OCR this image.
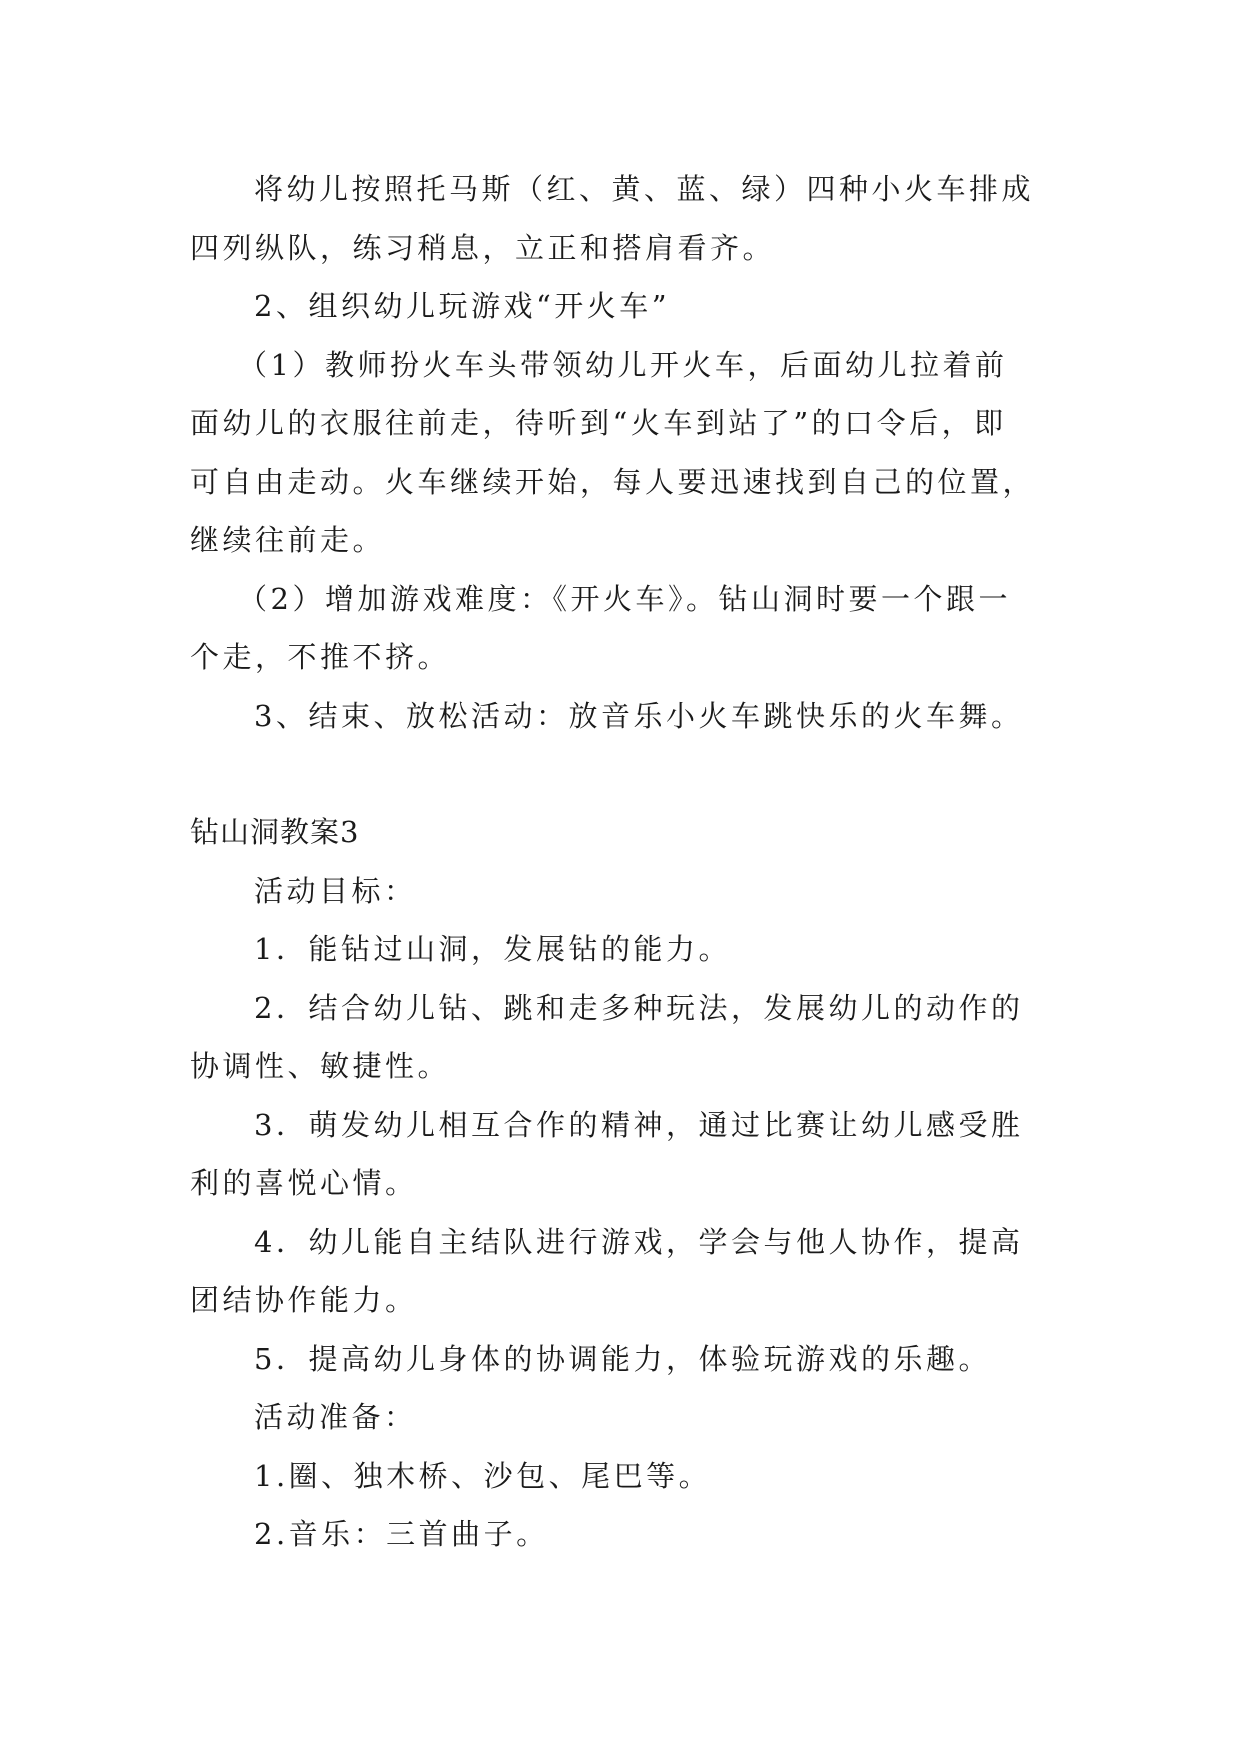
将幼儿按照托马斯（红、黄、蓝、绿）四种小火车排成
四列纵队，练习稍息，立正和搭肩看齐。
2、组织幼儿玩游戏“开火车”
（1）教师扮火车头带领幼儿开火车，后面幼儿拉着前
面幼儿的衣服往前走，待听到“火车到站了”的口令后，即
可自由走动。火车继续开始，每人要迅速找到自己的位置，
继续往前走。
（2）增加游戏难度：《开火车》。钻山洞时要一个跟一
个走，不推不挤。
3、结束、放松活动：放音乐小火车跳快乐的火车舞。
钻山洞教案3
活动目标：
1．能钻过山洞，发展钻的能力。
2．结合幼儿钻、跳和走多种玩法，发展幼儿的动作的
协调性、敏捷性。
3．萌发幼儿相互合作的精神，通过比赛让幼儿感受胜
利的喜悦心情。
4．幼儿能自主结队进行游戏，学会与他人协作，提高
团结协作能力。
5．提高幼儿身体的协调能力，体验玩游戏的乐趣。
活动准备：
1.圈、独木桥、沙包、尾巴等。
2.音乐：三首曲子。
